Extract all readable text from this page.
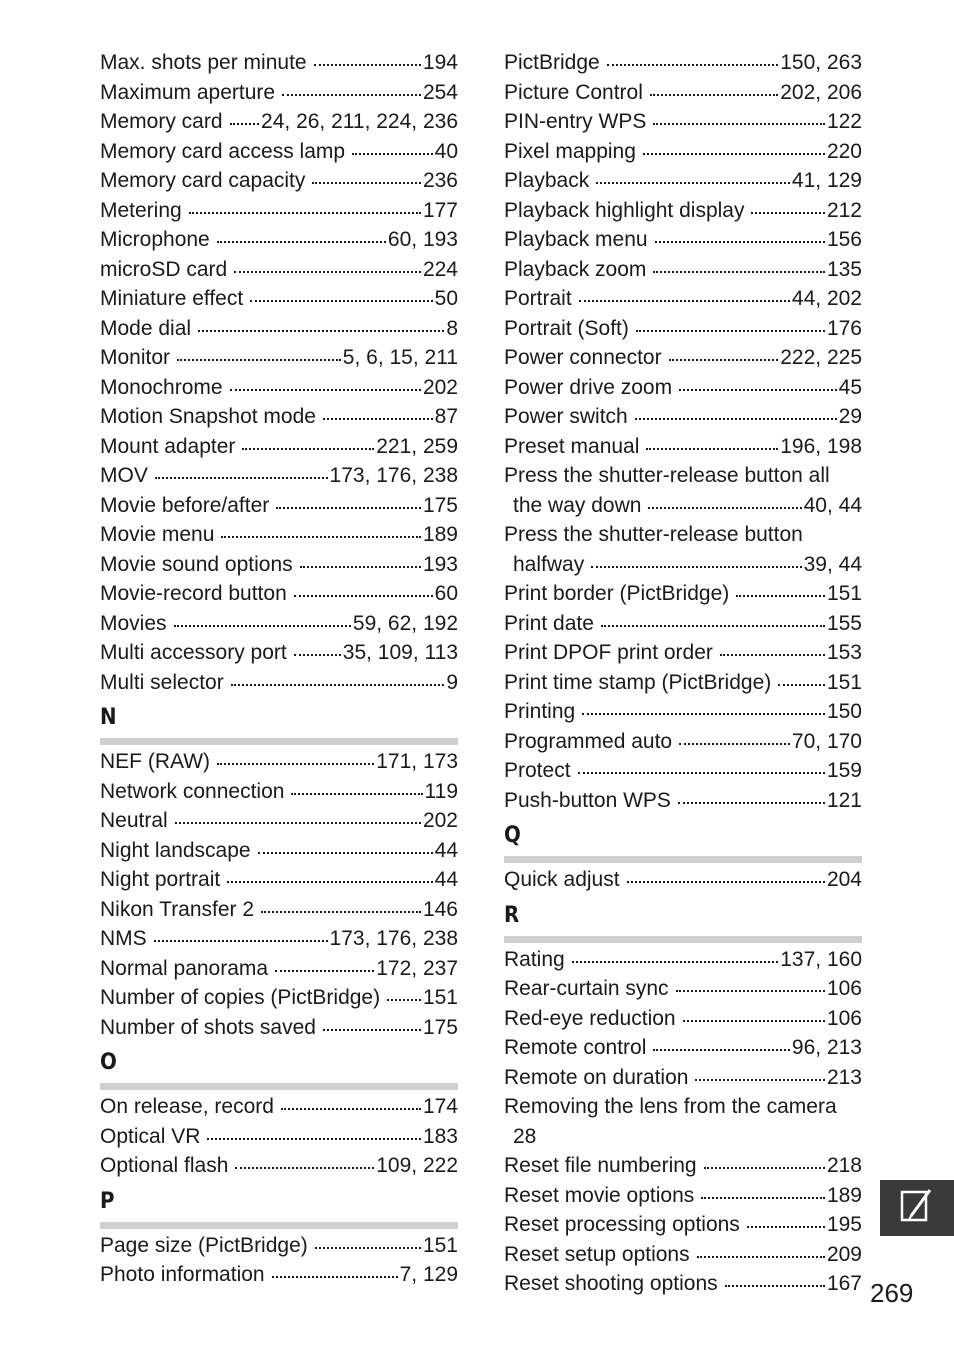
Max. shots per minute	194
Maximum aperture	254
Memory card	24, 26, 211, 224, 236
Memory card access lamp	40
Memory card capacity	236
Metering	177
Microphone	60, 193
microSD card	224
Miniature effect	50
Mode dial	8
Monitor	5, 6, 15, 211
Monochrome	202
Motion Snapshot mode	87
Mount adapter	221, 259
MOV	173, 176, 238
Movie before/after	175
Movie menu	189
Movie sound options	193
Movie-record button	60
Movies	59, 62, 192
Multi accessory port	35, 109, 113
Multi selector	9
N
NEF (RAW)	171, 173
Network connection	119
Neutral	202
Night landscape	44
Night portrait	44
Nikon Transfer 2	146
NMS	173, 176, 238
Normal panorama	172, 237
Number of copies (PictBridge)	151
Number of shots saved	175
O
On release, record	174
Optical VR	183
Optional flash	109, 222
P
Page size (PictBridge)	151
Photo information	7, 129
PictBridge	150, 263
Picture Control	202, 206
PIN-entry WPS	122
Pixel mapping	220
Playback	41, 129
Playback highlight display	212
Playback menu	156
Playback zoom	135
Portrait	44, 202
Portrait (Soft)	176
Power connector	222, 225
Power drive zoom	45
Power switch	29
Preset manual	196, 198
Press the shutter-release button all
the way down	40, 44
Press the shutter-release button
halfway	39, 44
Print border (PictBridge)	151
Print date	155
Print DPOF print order	153
Print time stamp (PictBridge)	151
Printing	150
Programmed auto	70, 170
Protect	159
Push-button WPS	121
Q
Quick adjust	204
R
Rating	137, 160
Rear-curtain sync	106
Red-eye reduction	106
Remote control	96, 213
Remote on duration	213
Removing the lens from the camera
28
Reset file numbering	218
Reset movie options	189
Reset processing options	195
Reset setup options	209
Reset shooting options	167 269
